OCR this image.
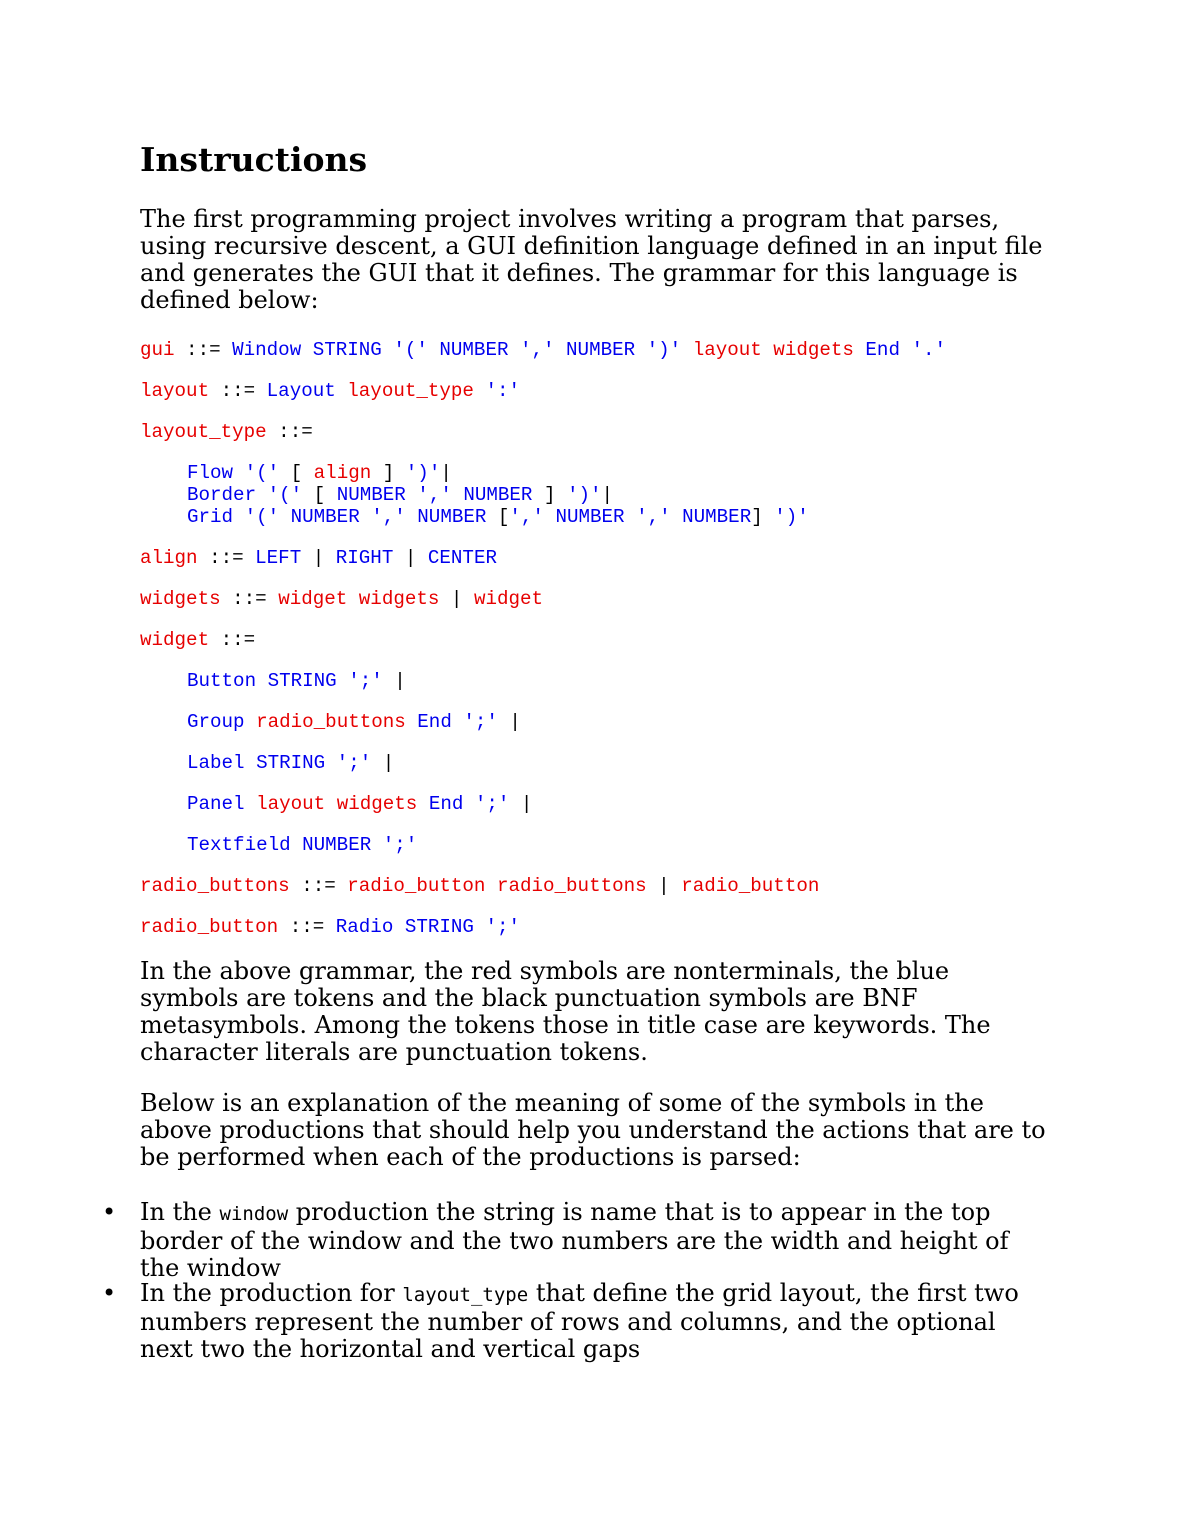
Instructions

The first programming project involves writing a program that parses, using recursive descent, a GUI definition language defined in an input file and generates the GUI that it defines. The grammar for this language is defined below:

gui ::= Window STRING '(' NUMBER ',' NUMBER ')' layout widgets End '.'
layout ::= Layout layout_type ':'
layout_type ::=
Flow '(' [ align ] ')'|
Border '(' [ NUMBER ',' NUMBER ] ')'|
Grid '(' NUMBER ',' NUMBER [',' NUMBER ',' NUMBER] ')'
align ::= LEFT | RIGHT | CENTER
widgets ::= widget widgets | widget
widget ::=
Button STRING ';' |
Group radio_buttons End ';' |
Label STRING ';' |
Panel layout widgets End ';' |
Textfield NUMBER ';'
radio_buttons ::= radio_button radio_buttons | radio_button
radio_button ::= Radio STRING ';'

In the above grammar, the red symbols are nonterminals, the blue symbols are tokens and the black punctuation symbols are BNF metasymbols. Among the tokens those in title case are keywords. The character literals are punctuation tokens.

Below is an explanation of the meaning of some of the symbols in the above productions that should help you understand the actions that are to be performed when each of the productions is parsed:

• In the window production the string is name that is to appear in the top border of the window and the two numbers are the width and height of the window
• In the production for layout_type that define the grid layout, the first two numbers represent the number of rows and columns, and the optional next two the horizontal and vertical gaps
